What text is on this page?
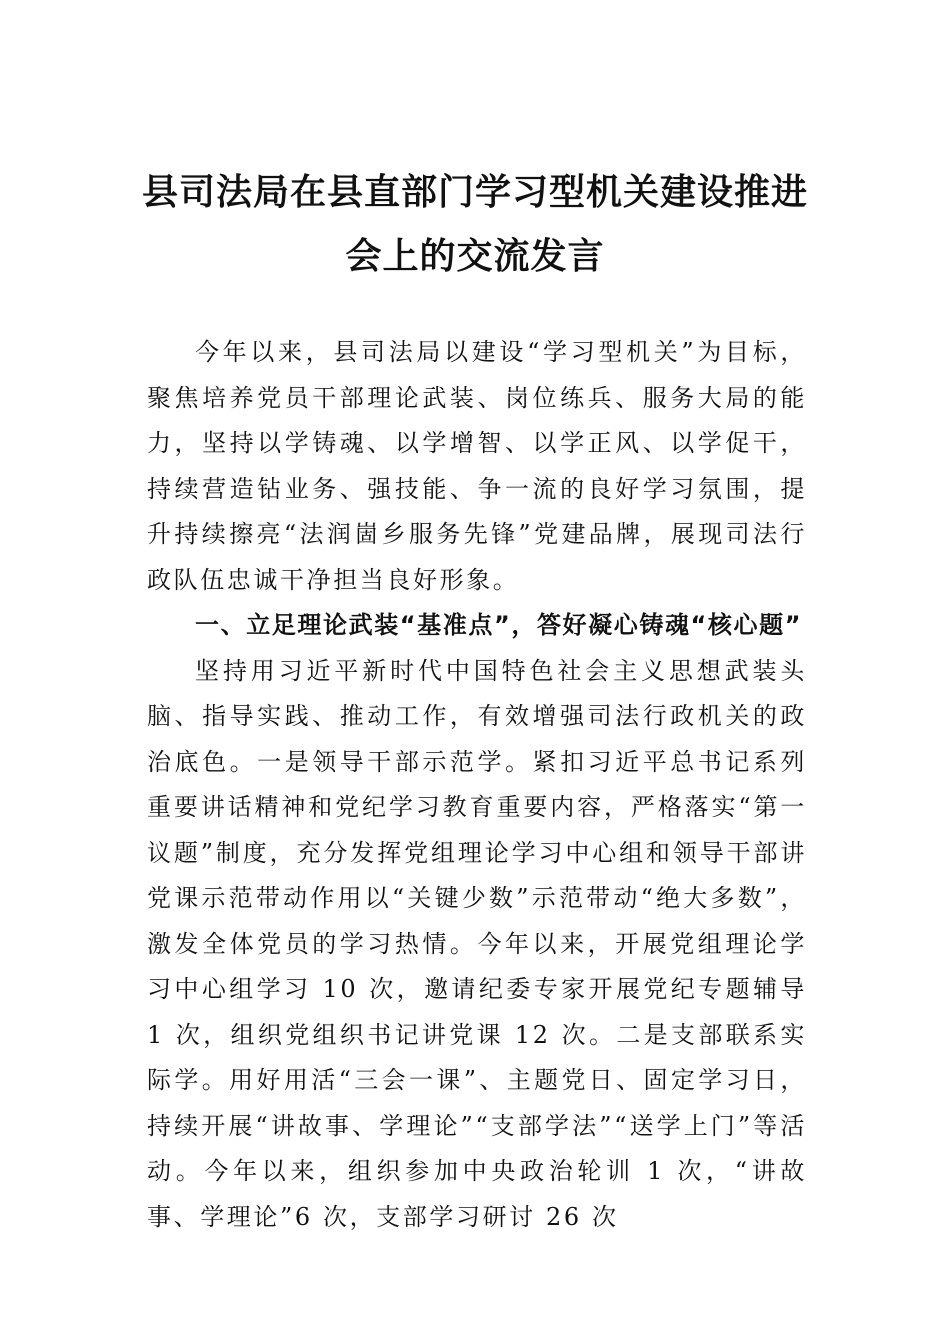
县司法局在县直部门学习型机关建设推进
会上的交流发言

今年以来，县司法局以建设“学习型机关”为目标，聚焦培养党员干部理论武装、岗位练兵、服务大局的能力，坚持以学铸魂、以学增智、以学正风、以学促干，持续营造钻业务、强技能、争一流的良好学习氛围，提升持续擦亮“法润崮乡服务先锋”党建品牌，展现司法行政队伍忠诚干净担当良好形象。

一、立足理论武装“基准点”，答好凝心铸魂“核心题”

坚持用习近平新时代中国特色社会主义思想武装头脑、指导实践、推动工作，有效增强司法行政机关的政治底色。一是领导干部示范学。紧扣习近平总书记系列重要讲话精神和党纪学习教育重要内容，严格落实“第一议题”制度，充分发挥党组理论学习中心组和领导干部讲党课示范带动作用以“关键少数”示范带动“绝大多数”，激发全体党员的学习热情。今年以来，开展党组理论学习中心组学习 10 次，邀请纪委专家开展党纪专题辅导 1 次，组织党组织书记讲党课 12 次。二是支部联系实际学。用好用活“三会一课”、主题党日、固定学习日，持续开展“讲故事、学理论”“支部学法”“送学上门”等活动。今年以来，组织参加中央政治轮训 1 次，“讲故事、学理论”6 次，支部学习研讨 26 次
